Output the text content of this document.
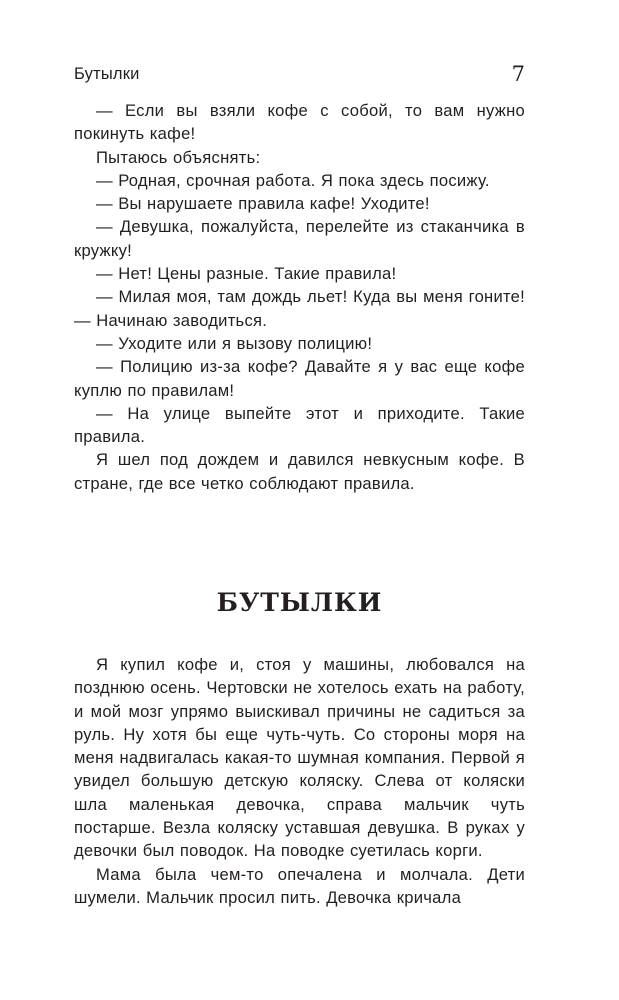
Бутылки	7

— Если вы взяли кофе с собой, то вам нужно покинуть кафе!

Пытаюсь объяснять:

— Родная, срочная работа. Я пока здесь посижу.

— Вы нарушаете правила кафе! Уходите!

— Девушка, пожалуйста, перелейте из стаканчика в кружку!

— Нет! Цены разные. Такие правила!

— Милая моя, там дождь льет! Куда вы меня гоните! — Начинаю заводиться.

— Уходите или я вызову полицию!

— Полицию из-за кофе? Давайте я у вас еще кофе куплю по правилам!

— На улице выпейте этот и приходите. Такие правила.

Я шел под дождем и давился невкусным кофе. В стране, где все четко соблюдают правила.

БУТЫЛКИ

Я купил кофе и, стоя у машины, любовался на позднюю осень. Чертовски не хотелось ехать на работу, и мой мозг упрямо выискивал причины не садиться за руль. Ну хотя бы еще чуть-чуть. Со стороны моря на меня надвигалась какая-то шумная компания. Первой я увидел большую детскую коляску. Слева от коляски шла маленькая девочка, справа мальчик чуть постарше. Везла коляску уставшая девушка. В руках у девочки был поводок. На поводке суетилась корги.

Мама была чем-то опечалена и молчала. Дети шумели. Мальчик просил пить. Девочка кричала
